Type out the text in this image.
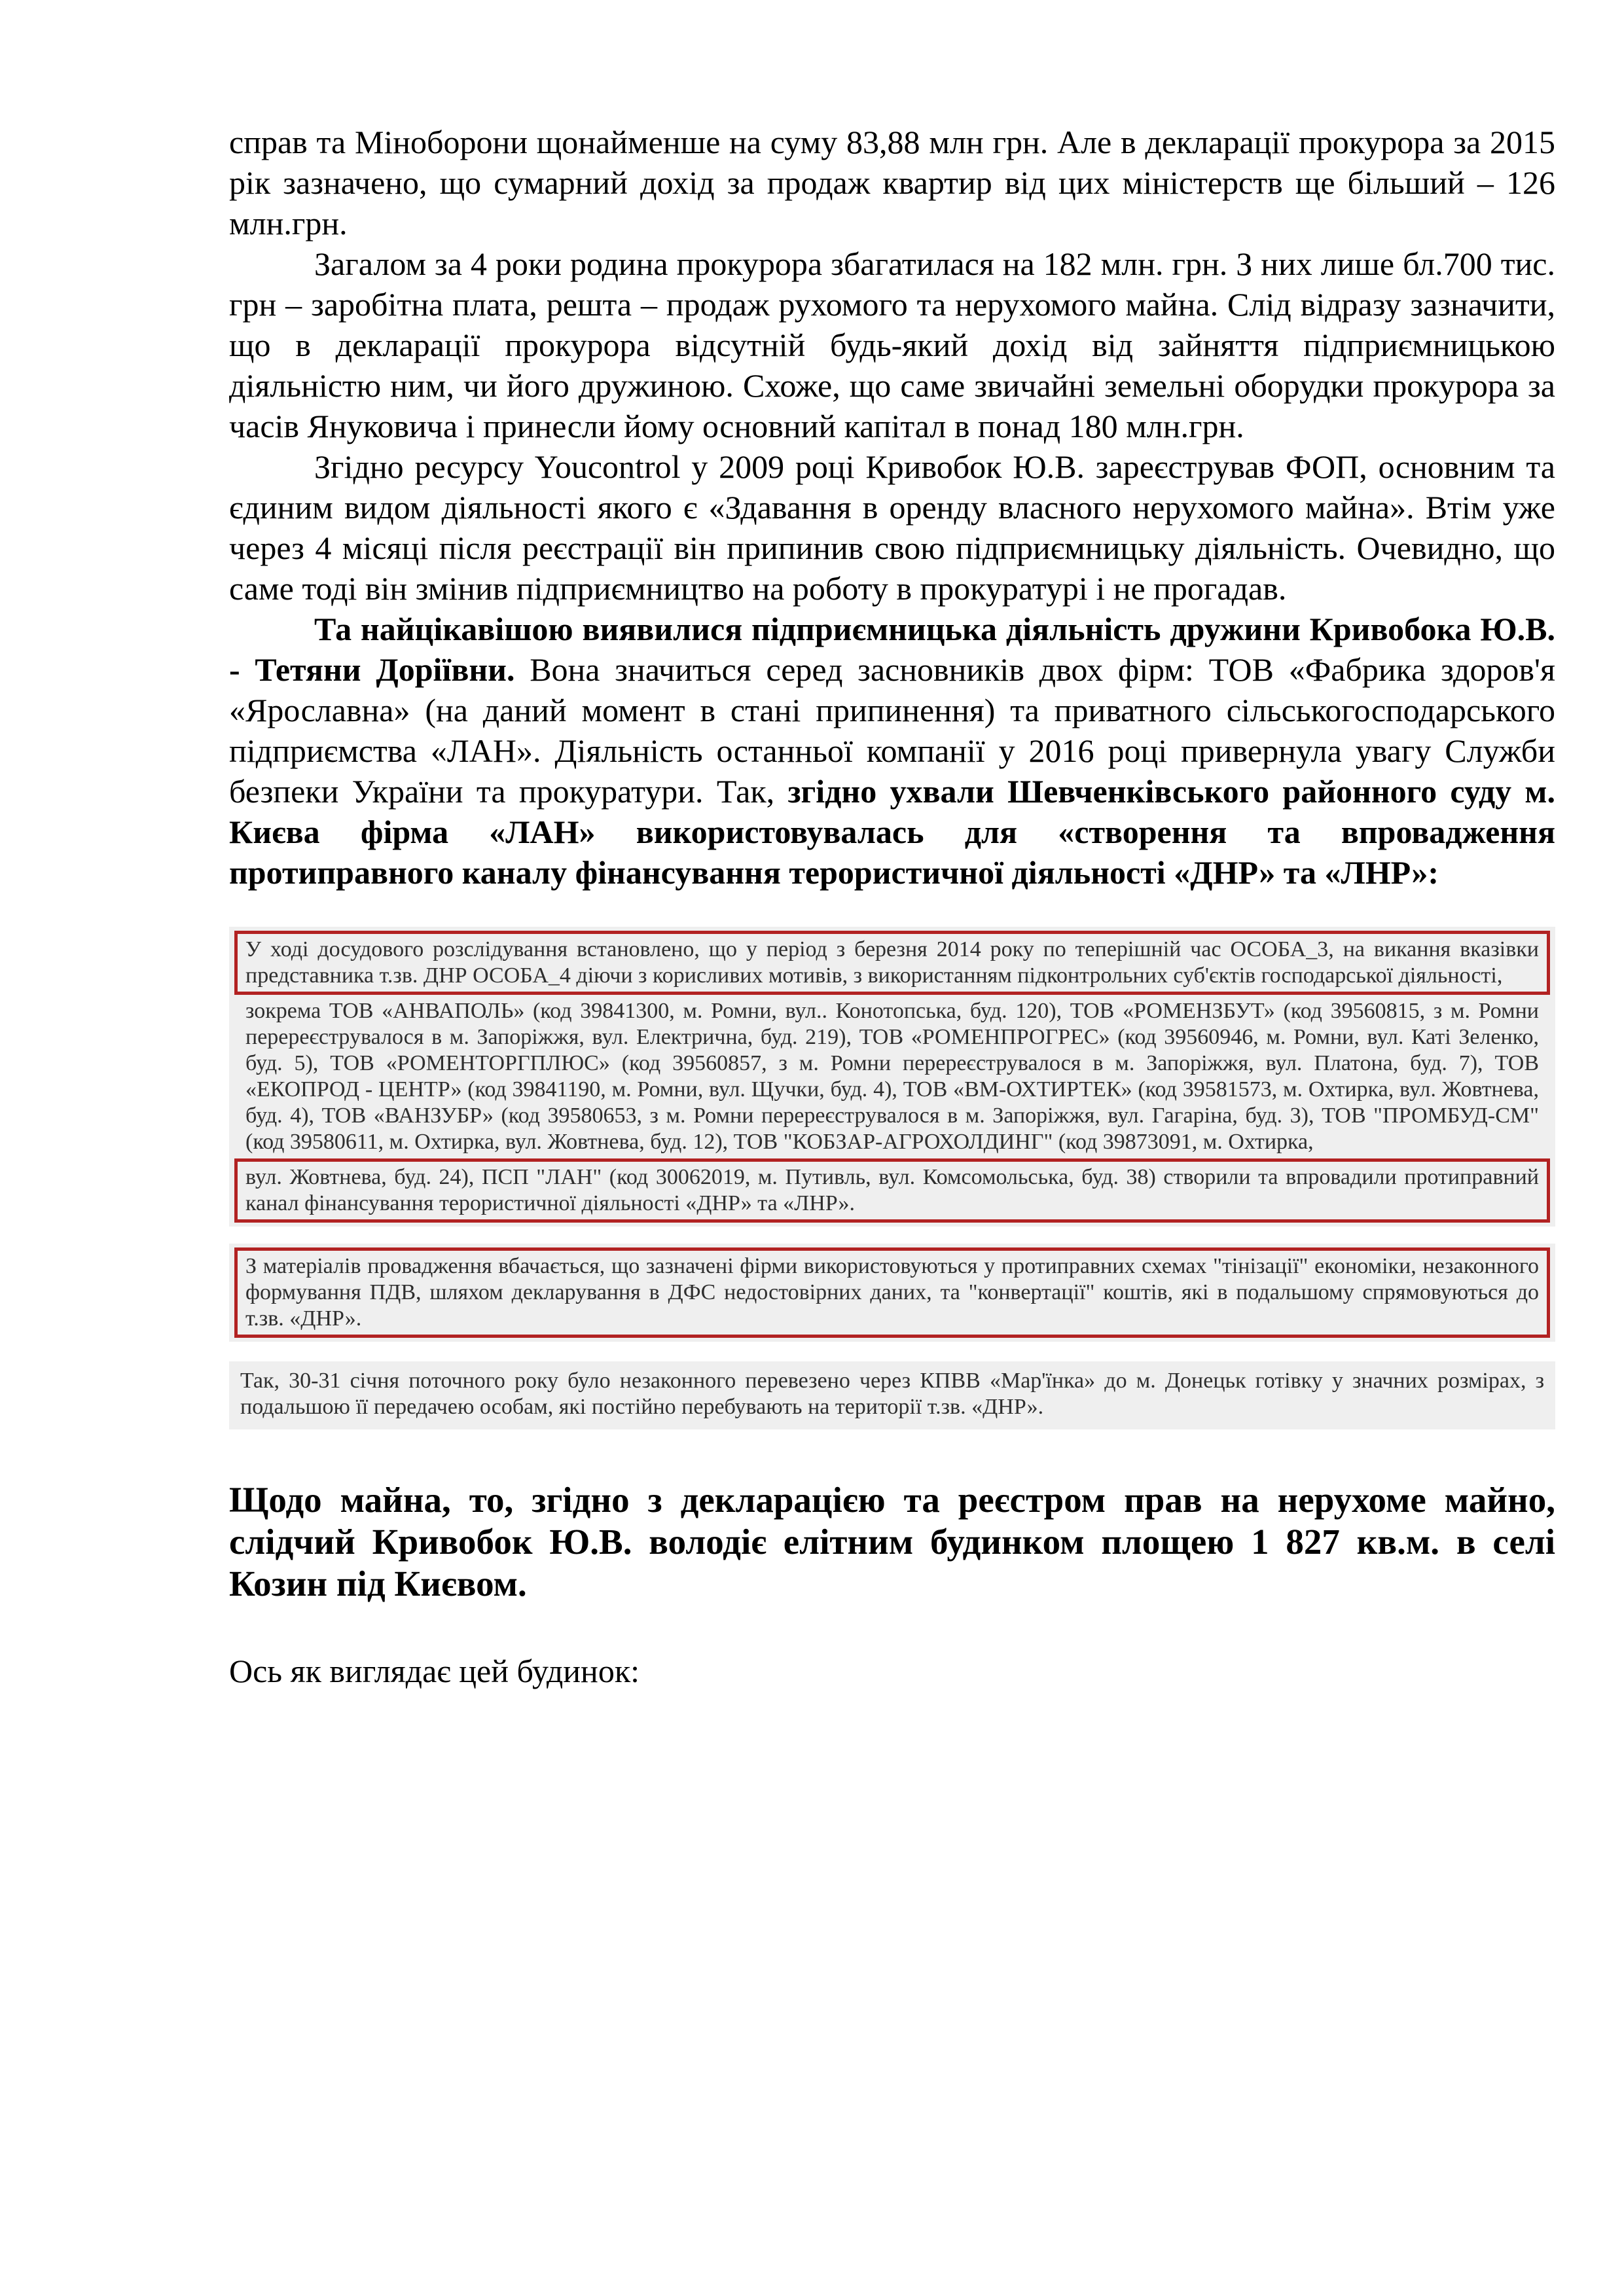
справ та Міноборони щонайменше на суму 83,88 млн грн. Але в декларації прокурора за 2015 рік зазначено, що сумарний дохід за продаж квартир від цих міністерств ще більший – 126 млн.грн.

Загалом за 4 роки родина прокурора збагатилася на 182 млн. грн. З них лише бл.700 тис. грн – заробітна плата, решта – продаж рухомого та нерухомого майна. Слід відразу зазначити, що в декларації прокурора відсутній будь-який дохід від зайняття підприємницькою діяльністю ним, чи його дружиною. Схоже, що саме звичайні земельні оборудки прокурора за часів Януковича і принесли йому основний капітал в понад 180 млн.грн.

Згідно ресурсу Youcontrol у 2009 році Кривобок Ю.В. зареєстрував ФОП, основним та єдиним видом діяльності якого є «Здавання в оренду власного нерухомого майна». Втім уже через 4 місяці після реєстрації він припинив свою підприємницьку діяльність. Очевидно, що саме тоді він змінив підприємництво на роботу в прокуратурі і не прогадав.

Та найцікавішою виявилися підприємницька діяльність дружини Кривобока Ю.В. - Тетяни Доріївни. Вона значиться серед засновників двох фірм: ТОВ «Фабрика здоров'я «Ярославна» (на даний момент в стані припинення) та приватного сільськогосподарського підприємства «ЛАН». Діяльність останньої компанії у 2016 році привернула увагу Служби безпеки України та прокуратури. Так, згідно ухвали Шевченківського районного суду м. Києва фірма «ЛАН» використовувалась для «створення та впровадження протиправного каналу фінансування терористичної діяльності «ДНР» та «ЛНР»:

У ході досудового розслідування встановлено, що у період з березня 2014 року по теперішній час ОСОБА_3, на викання вказівки представника т.зв. ДНР ОСОБА_4 діючи з корисливих мотивів, з використанням підконтрольних суб'єктів господарської діяльності,
зокрема ТОВ «АНВАПОЛЬ» (код 39841300, м. Ромни, вул.. Конотопська, буд. 120), ТОВ «РОМЕНЗБУТ» (код 39560815, з м. Ромни перереєструвалося в м. Запоріжжя, вул. Електрична, буд. 219), ТОВ «РОМЕНПРОГРЕС» (код 39560946, м. Ромни, вул. Каті Зеленко, буд. 5), ТОВ «РОМЕНТОРГПЛЮС» (код 39560857, з м. Ромни перереєструвалося в м. Запоріжжя, вул. Платона, буд. 7), ТОВ «ЕКОПРОД - ЦЕНТР» (код 39841190, м. Ромни, вул. Щучки, буд. 4), ТОВ «ВМ-ОХТИРТЕК» (код 39581573, м. Охтирка, вул. Жовтнева, буд. 4), ТОВ «ВАНЗУБР» (код 39580653, з м. Ромни перереєструвалося в м. Запоріжжя, вул. Гагаріна, буд. 3), ТОВ "ПРОМБУД-СМ" (код 39580611, м. Охтирка, вул. Жовтнева, буд. 12), ТОВ "КОБЗАР-АГРОХОЛДИНГ" (код 39873091, м. Охтирка,
вул. Жовтнева, буд. 24), ПСП "ЛАН" (код 30062019, м. Путивль, вул. Комсомольська, буд. 38) створили та впровадили протиправний канал фінансування терористичної діяльності «ДНР» та «ЛНР».
З матеріалів провадження вбачається, що зазначені фірми використовуються у протиправних схемах "тінізації" економіки, незаконного формування ПДВ, шляхом декларування в ДФС недостовірних даних, та "конвертації" коштів, які в подальшому спрямовуються до т.зв. «ДНР».
Так, 30-31 січня поточного року було незаконного перевезено через КПВВ «Мар'їнка» до м. Донецьк готівку у значних розмірах, з подальшою її передачею особам, які постійно перебувають на території т.зв. «ДНР».

Щодо майна, то, згідно з декларацією та реєстром прав на нерухоме майно, слідчий Кривобок Ю.В. володіє елітним будинком площею 1 827 кв.м. в селі Козин під Києвом.

Ось як виглядає цей будинок:
